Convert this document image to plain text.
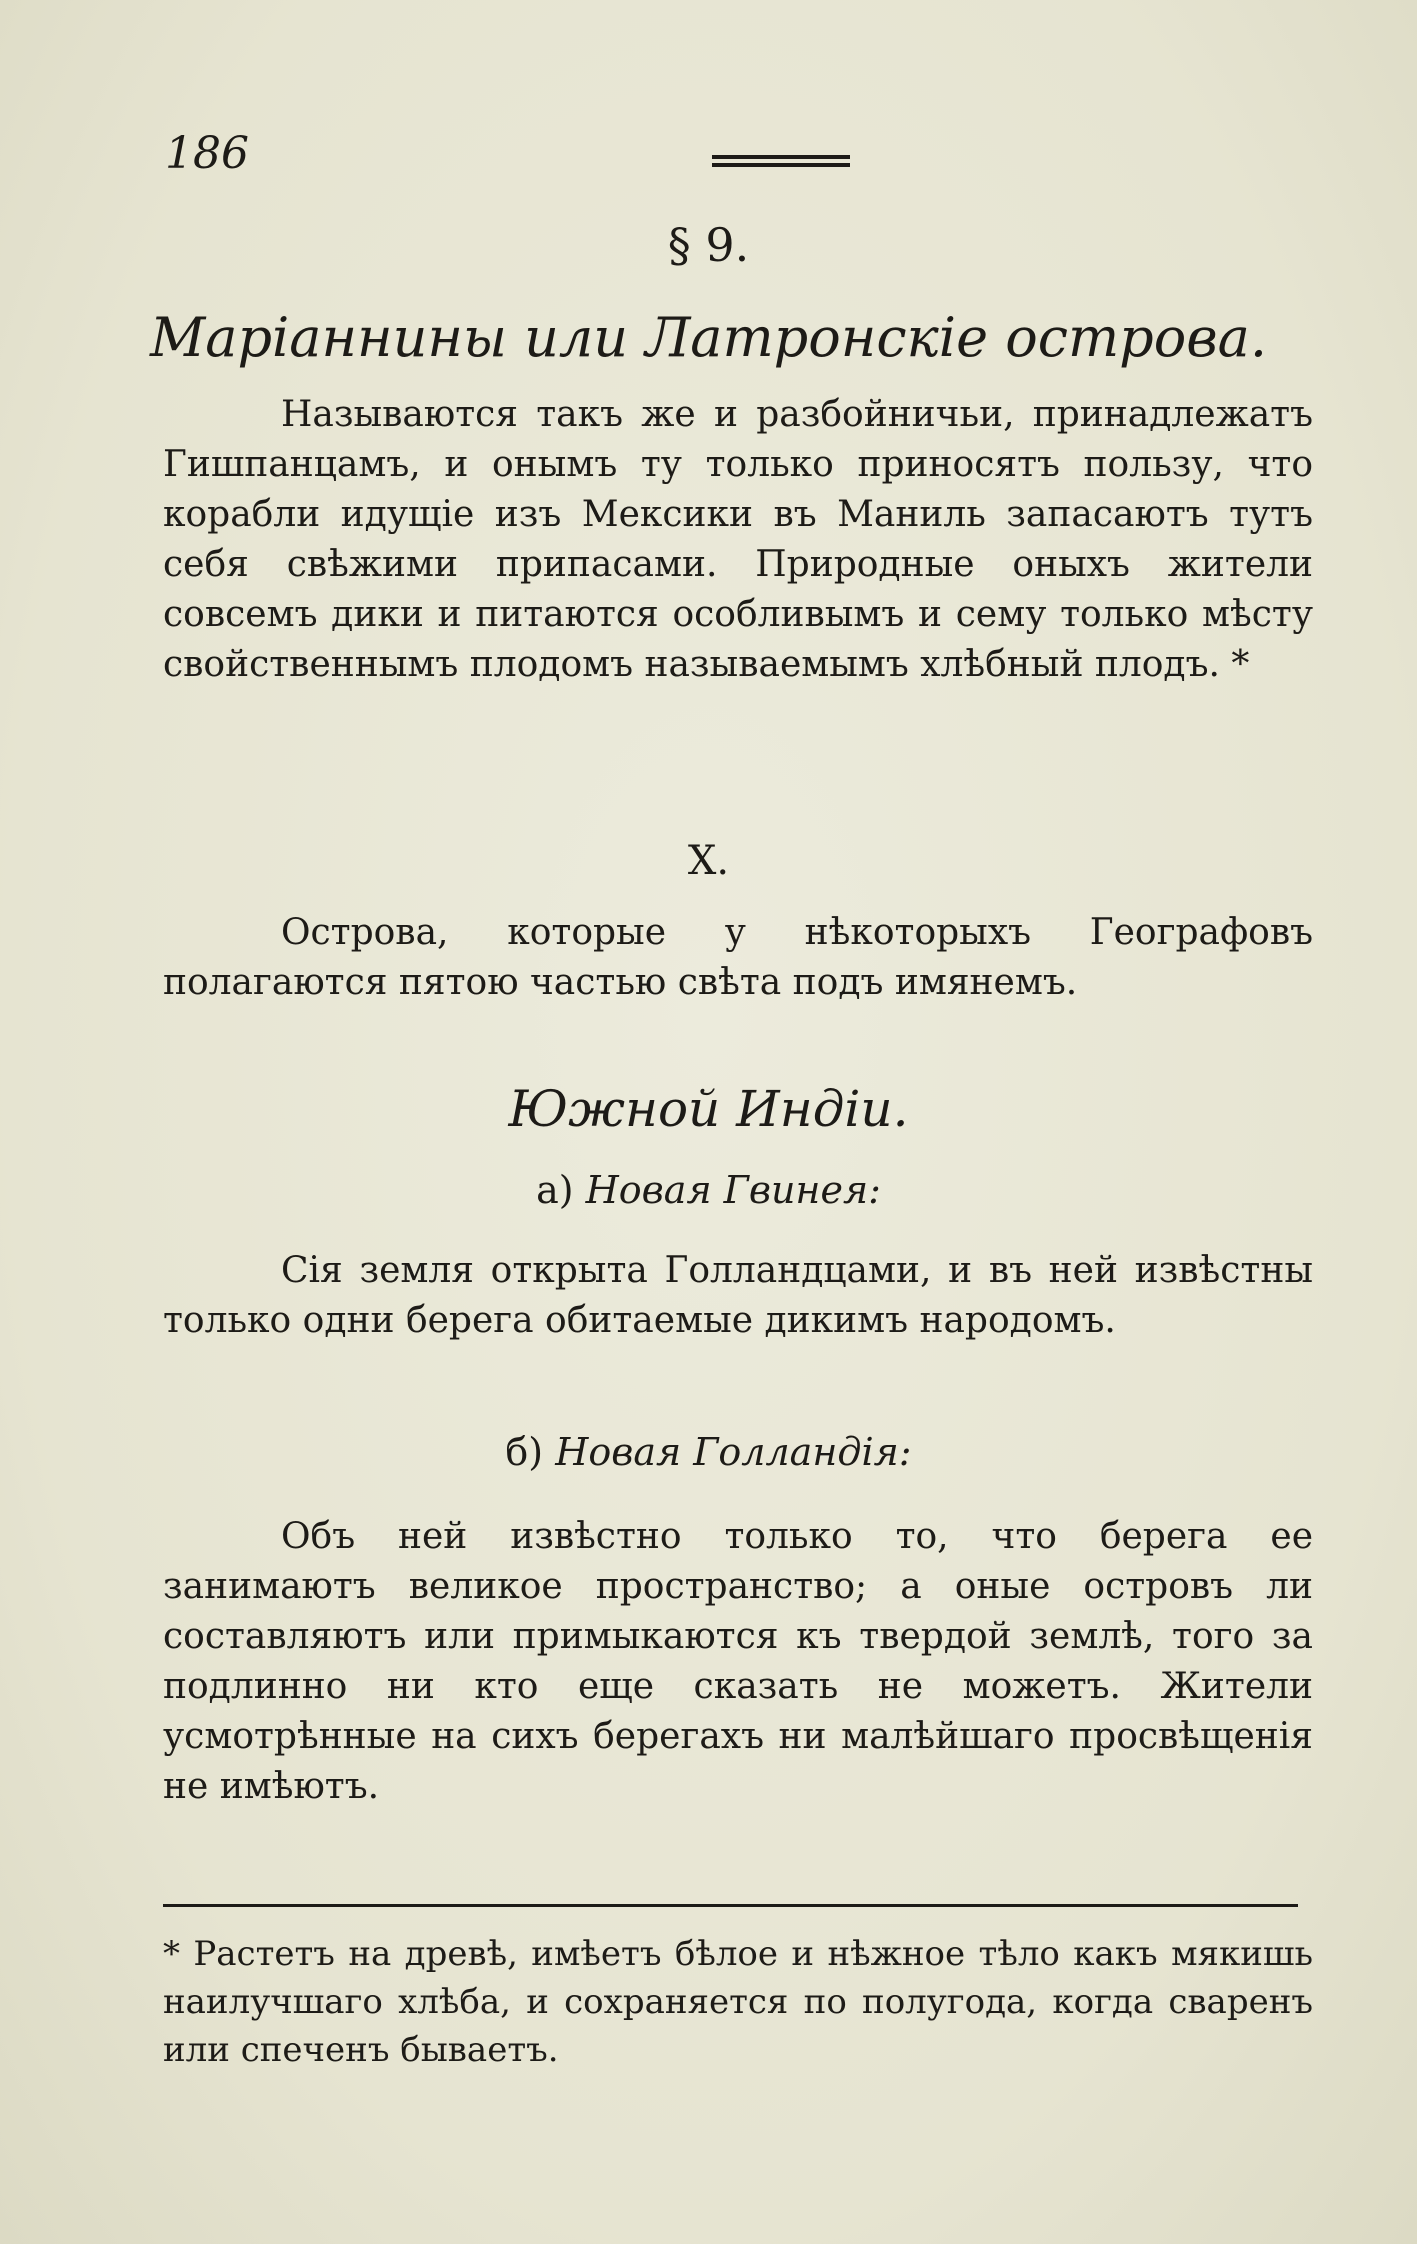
186
§ 9.
Маріаннины или Латронскіе острова.

Называются такъ же и разбойничьи, принадлежатъ Гишпанцамъ, и онымъ ту только приносятъ пользу, что корабли идущіе изъ Мексики въ Маниль запасаютъ тутъ себя свѣжими припасами. Природные оныхъ жители совсемъ дики и питаются особливымъ и сему только мѣсту свойственнымъ плодомъ называемымъ хлѣбный плодъ. *

X.

Острова, которые у нѣкоторыхъ Географовъ полагаются пятою частью свѣта подъ имянемъ.

Южной Индіи.
а) Новая Гвинея:

Сія земля открыта Голландцами, и въ ней извѣстны только одни берега обитаемые дикимъ народомъ.

б) Новая Голландія:

Объ ней извѣстно только то, что берега ее занимаютъ великое пространство; а оные островъ ли составляютъ или примыкаются къ твердой землѣ, того за подлинно ни кто еще сказать не можетъ. Жители усмотрѣнные на сихъ берегахъ ни малѣйшаго просвѣщенія не имѣютъ.

* Растетъ на древѣ, имѣетъ бѣлое и нѣжное тѣло какъ мякишь наилучшаго хлѣба, и сохраняется по полугода, когда свaренъ или спеченъ бываетъ.
